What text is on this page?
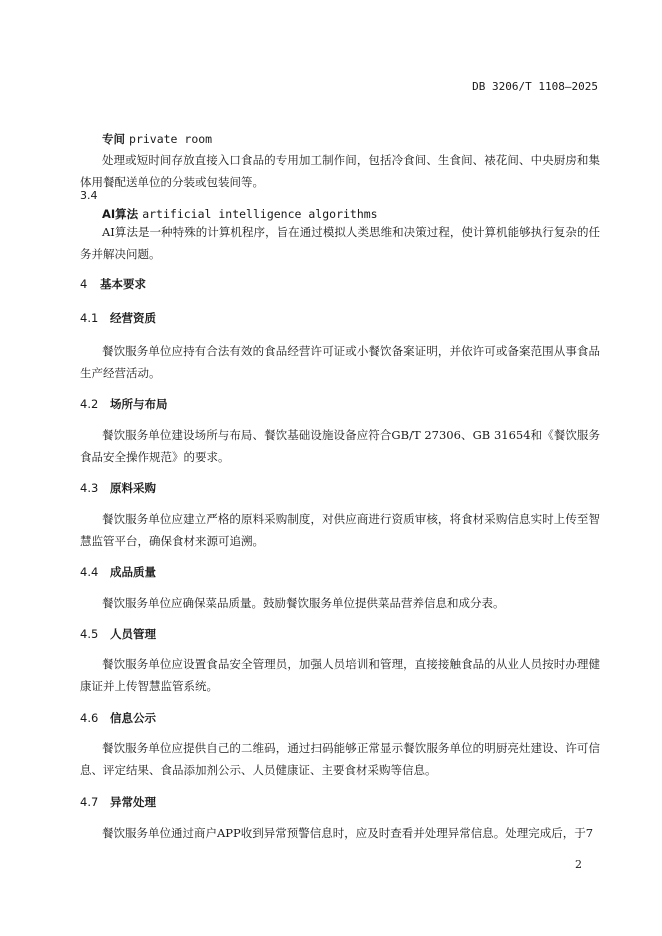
DB 3206/T 1108—2025
专间 private room
处理或短时间存放直接入口食品的专用加工制作间，包括冷食间、生食间、裱花间、中央厨房和集体用餐配送单位的分装或包装间等。
3.4
AI算法 artificial intelligence algorithms
AI算法是一种特殊的计算机程序，旨在通过模拟人类思维和决策过程，使计算机能够执行复杂的任务并解决问题。
4 基本要求
4.1 经营资质
餐饮服务单位应持有合法有效的食品经营许可证或小餐饮备案证明，并依许可或备案范围从事食品生产经营活动。
4.2 场所与布局
餐饮服务单位建设场所与布局、餐饮基础设施设备应符合GB/T 27306、GB 31654和《餐饮服务食品安全操作规范》的要求。
4.3 原料采购
餐饮服务单位应建立严格的原料采购制度，对供应商进行资质审核，将食材采购信息实时上传至智慧监管平台，确保食材来源可追溯。
4.4 成品质量
餐饮服务单位应确保菜品质量。鼓励餐饮服务单位提供菜品营养信息和成分表。
4.5 人员管理
餐饮服务单位应设置食品安全管理员，加强人员培训和管理，直接接触食品的从业人员按时办理健康证并上传智慧监管系统。
4.6 信息公示
餐饮服务单位应提供自己的二维码，通过扫码能够正常显示餐饮服务单位的明厨亮灶建设、许可信息、评定结果、食品添加剂公示、人员健康证、主要食材采购等信息。
4.7 异常处理
餐饮服务单位通过商户APP收到异常预警信息时，应及时查看并处理异常信息。处理完成后，于7
2
